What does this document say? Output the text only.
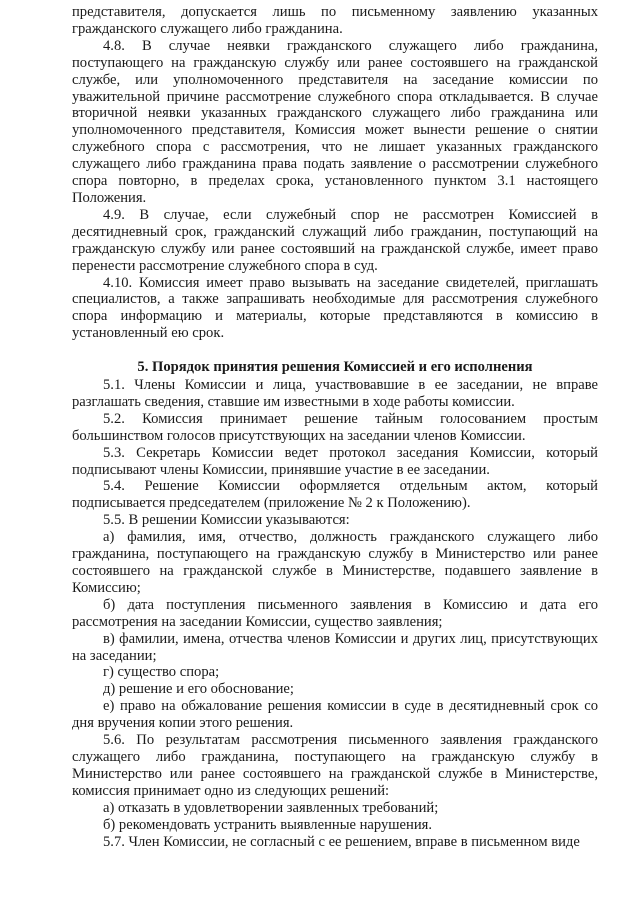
представителя, допускается лишь по письменному заявлению указанных гражданского служащего либо гражданина.

4.8. В случае неявки гражданского служащего либо гражданина, поступающего на гражданскую службу или ранее состоявшего на гражданской службе, или уполномоченного представителя на заседание комиссии по уважительной причине рассмотрение служебного спора откладывается. В случае вторичной неявки указанных гражданского служащего либо гражданина или уполномоченного представителя, Комиссия может вынести решение о снятии служебного спора с рассмотрения, что не лишает указанных гражданского служащего либо гражданина права подать заявление о рассмотрении служебного спора повторно, в пределах срока, установленного пунктом 3.1 настоящего Положения.

4.9. В случае, если служебный спор не рассмотрен Комиссией в десятидневный срок, гражданский служащий либо гражданин, поступающий на гражданскую службу или ранее состоявший на гражданской службе, имеет право перенести рассмотрение служебного спора в суд.

4.10. Комиссия имеет право вызывать на заседание свидетелей, приглашать специалистов, а также запрашивать необходимые для рассмотрения служебного спора информацию и материалы, которые представляются в комиссию в установленный ею срок.

5. Порядок принятия решения Комиссией и его исполнения

5.1. Члены Комиссии и лица, участвовавшие в ее заседании, не вправе разглашать сведения, ставшие им известными в ходе работы комиссии.

5.2. Комиссия принимает решение тайным голосованием простым большинством голосов присутствующих на заседании членов Комиссии.

5.3. Секретарь Комиссии ведет протокол заседания Комиссии, который подписывают члены Комиссии, принявшие участие в ее заседании.

5.4. Решение Комиссии оформляется отдельным актом, который подписывается председателем (приложение № 2 к Положению).

5.5. В решении Комиссии указываются:

а) фамилия, имя, отчество, должность гражданского служащего либо гражданина, поступающего на гражданскую службу в Министерство или ранее состоявшего на гражданской службе в Министерстве, подавшего заявление в Комиссию;

б) дата поступления письменного заявления в Комиссию и дата его рассмотрения на заседании Комиссии, существо заявления;

в) фамилии, имена, отчества членов Комиссии и других лиц, присутствующих на заседании;

г) существо спора;

д) решение и его обоснование;

е) право на обжалование решения комиссии в суде в десятидневный срок со дня вручения копии этого решения.

5.6. По результатам рассмотрения письменного заявления гражданского служащего либо гражданина, поступающего на гражданскую службу в Министерство или ранее состоявшего на гражданской службе в Министерстве, комиссия принимает одно из следующих решений:

а) отказать в удовлетворении заявленных требований;

б) рекомендовать устранить выявленные нарушения.

5.7. Член Комиссии, не согласный с ее решением, вправе в письменном виде
